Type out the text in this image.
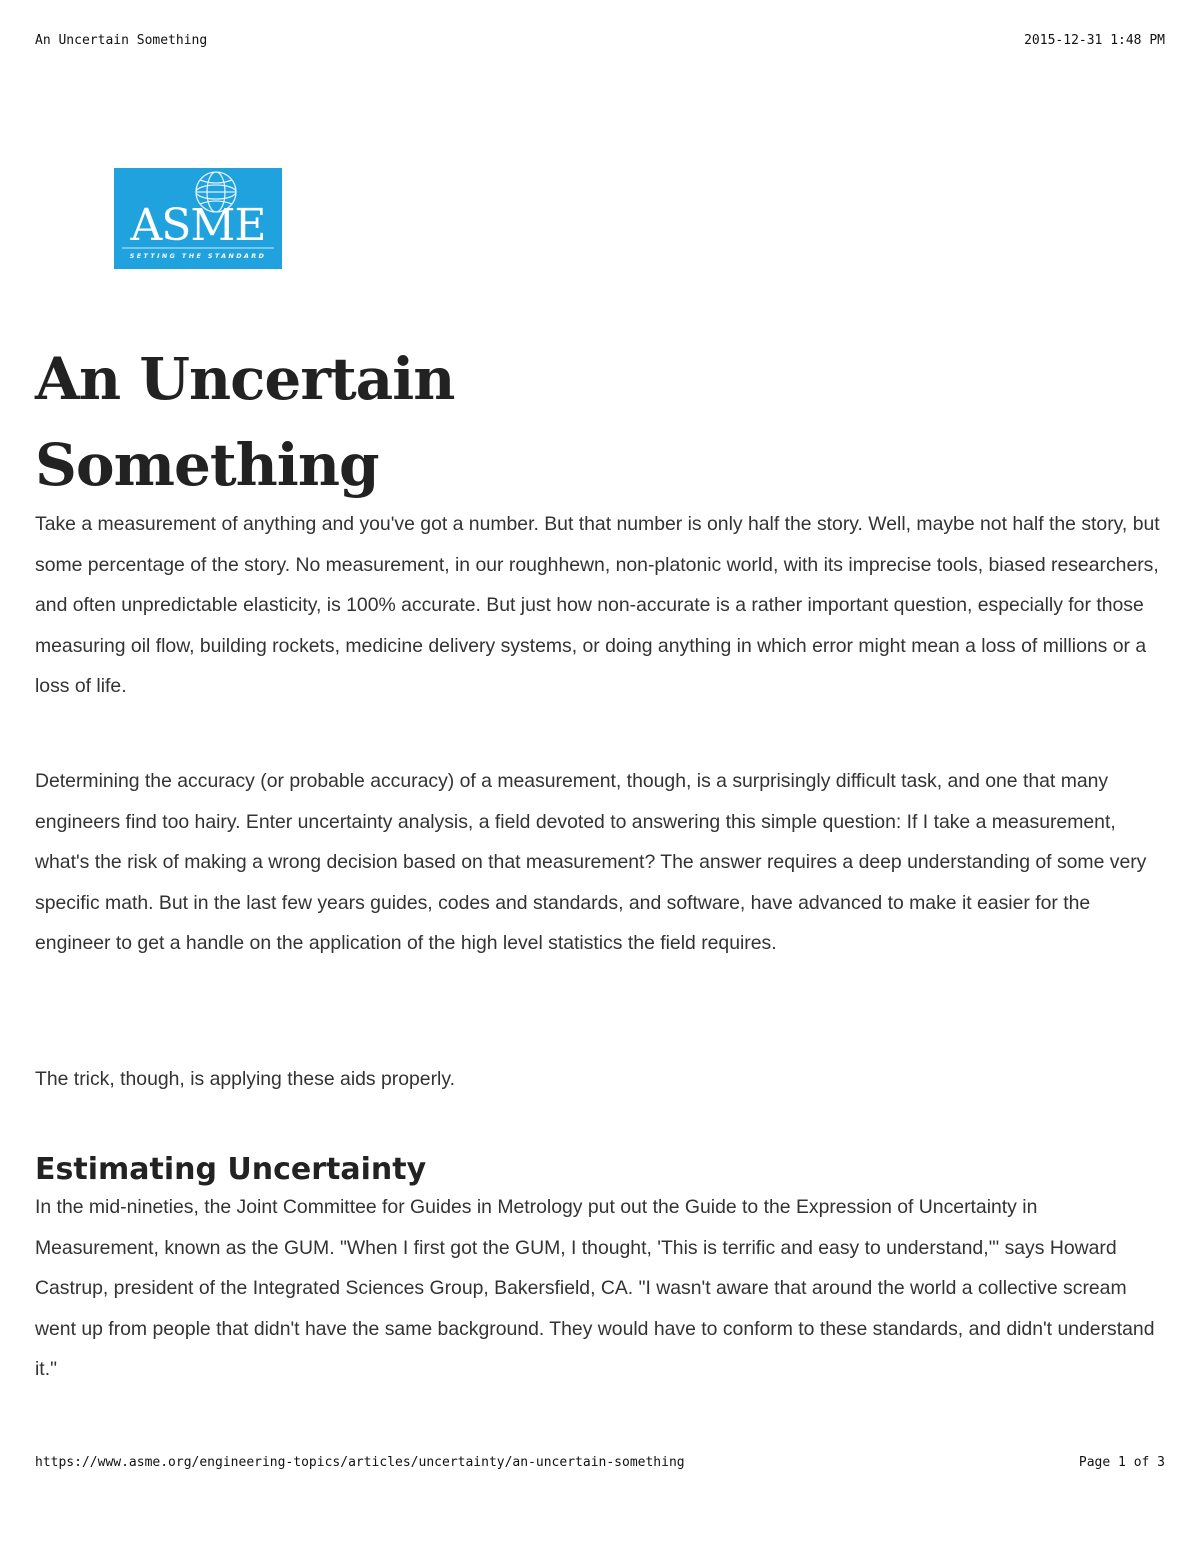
An Uncertain Something	2015-12-31 1:48 PM
ASME
SETTING THE STANDARD
An Uncertain Something

Take a measurement of anything and you've got a number. But that number is only half the story. Well, maybe not half the story, but some percentage of the story. No measurement, in our roughhewn, non-platonic world, with its imprecise tools, biased researchers, and often unpredictable elasticity, is 100% accurate. But just how non-accurate is a rather important question, especially for those measuring oil flow, building rockets, medicine delivery systems, or doing anything in which error might mean a loss of millions or a loss of life.

Determining the accuracy (or probable accuracy) of a measurement, though, is a surprisingly difficult task, and one that many engineers find too hairy. Enter uncertainty analysis, a field devoted to answering this simple question: If I take a measurement, what's the risk of making a wrong decision based on that measurement? The answer requires a deep understanding of some very specific math. But in the last few years guides, codes and standards, and software, have advanced to make it easier for the engineer to get a handle on the application of the high level statistics the field requires.

The trick, though, is applying these aids properly.

Estimating Uncertainty

In the mid-nineties, the Joint Committee for Guides in Metrology put out the Guide to the Expression of Uncertainty in Measurement, known as the GUM. "When I first got the GUM, I thought, 'This is terrific and easy to understand,'" says Howard Castrup, president of the Integrated Sciences Group, Bakersfield, CA. "I wasn't aware that around the world a collective scream went up from people that didn't have the same background. They would have to conform to these standards, and didn't understand it."

https://www.asme.org/engineering-topics/articles/uncertainty/an-uncertain-something	Page 1 of 3
